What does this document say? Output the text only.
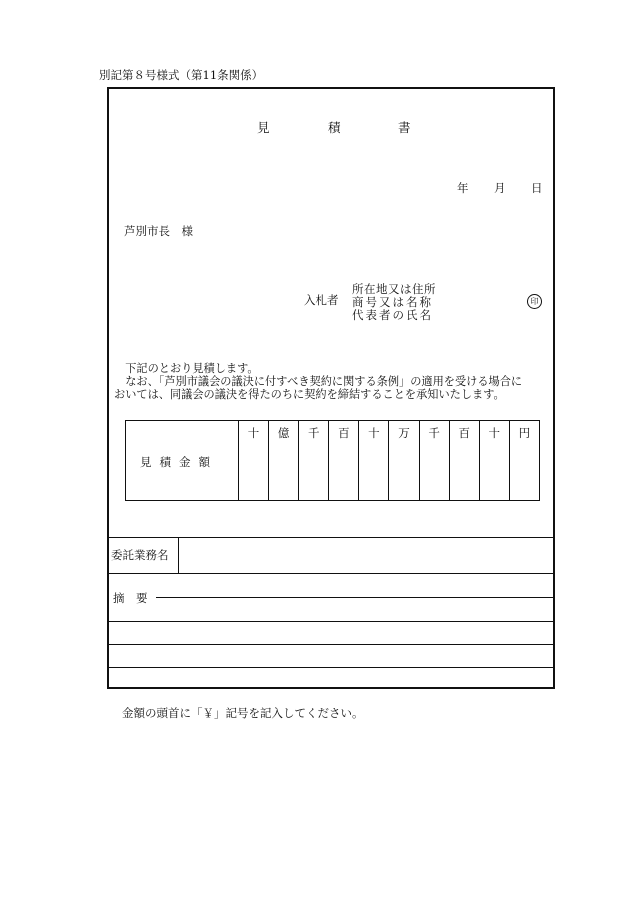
別記第８号様式（第11条関係）
見	積	書
年 月 日
芦別市長　様
入札者
所在地又は住所
商号又は名称
代表者の氏名
印
　下記のとおり見積します。
　なお、「芦別市議会の議決に付すべき契約に関する条例」の適用を受ける場合に
おいては、同議会の議決を得たのちに契約を締結することを承知いたします。
見積金額
十	億	千	百	十	万	千	百	十	円
委託業務名
摘　要
金額の頭首に「￥」記号を記入してください。
